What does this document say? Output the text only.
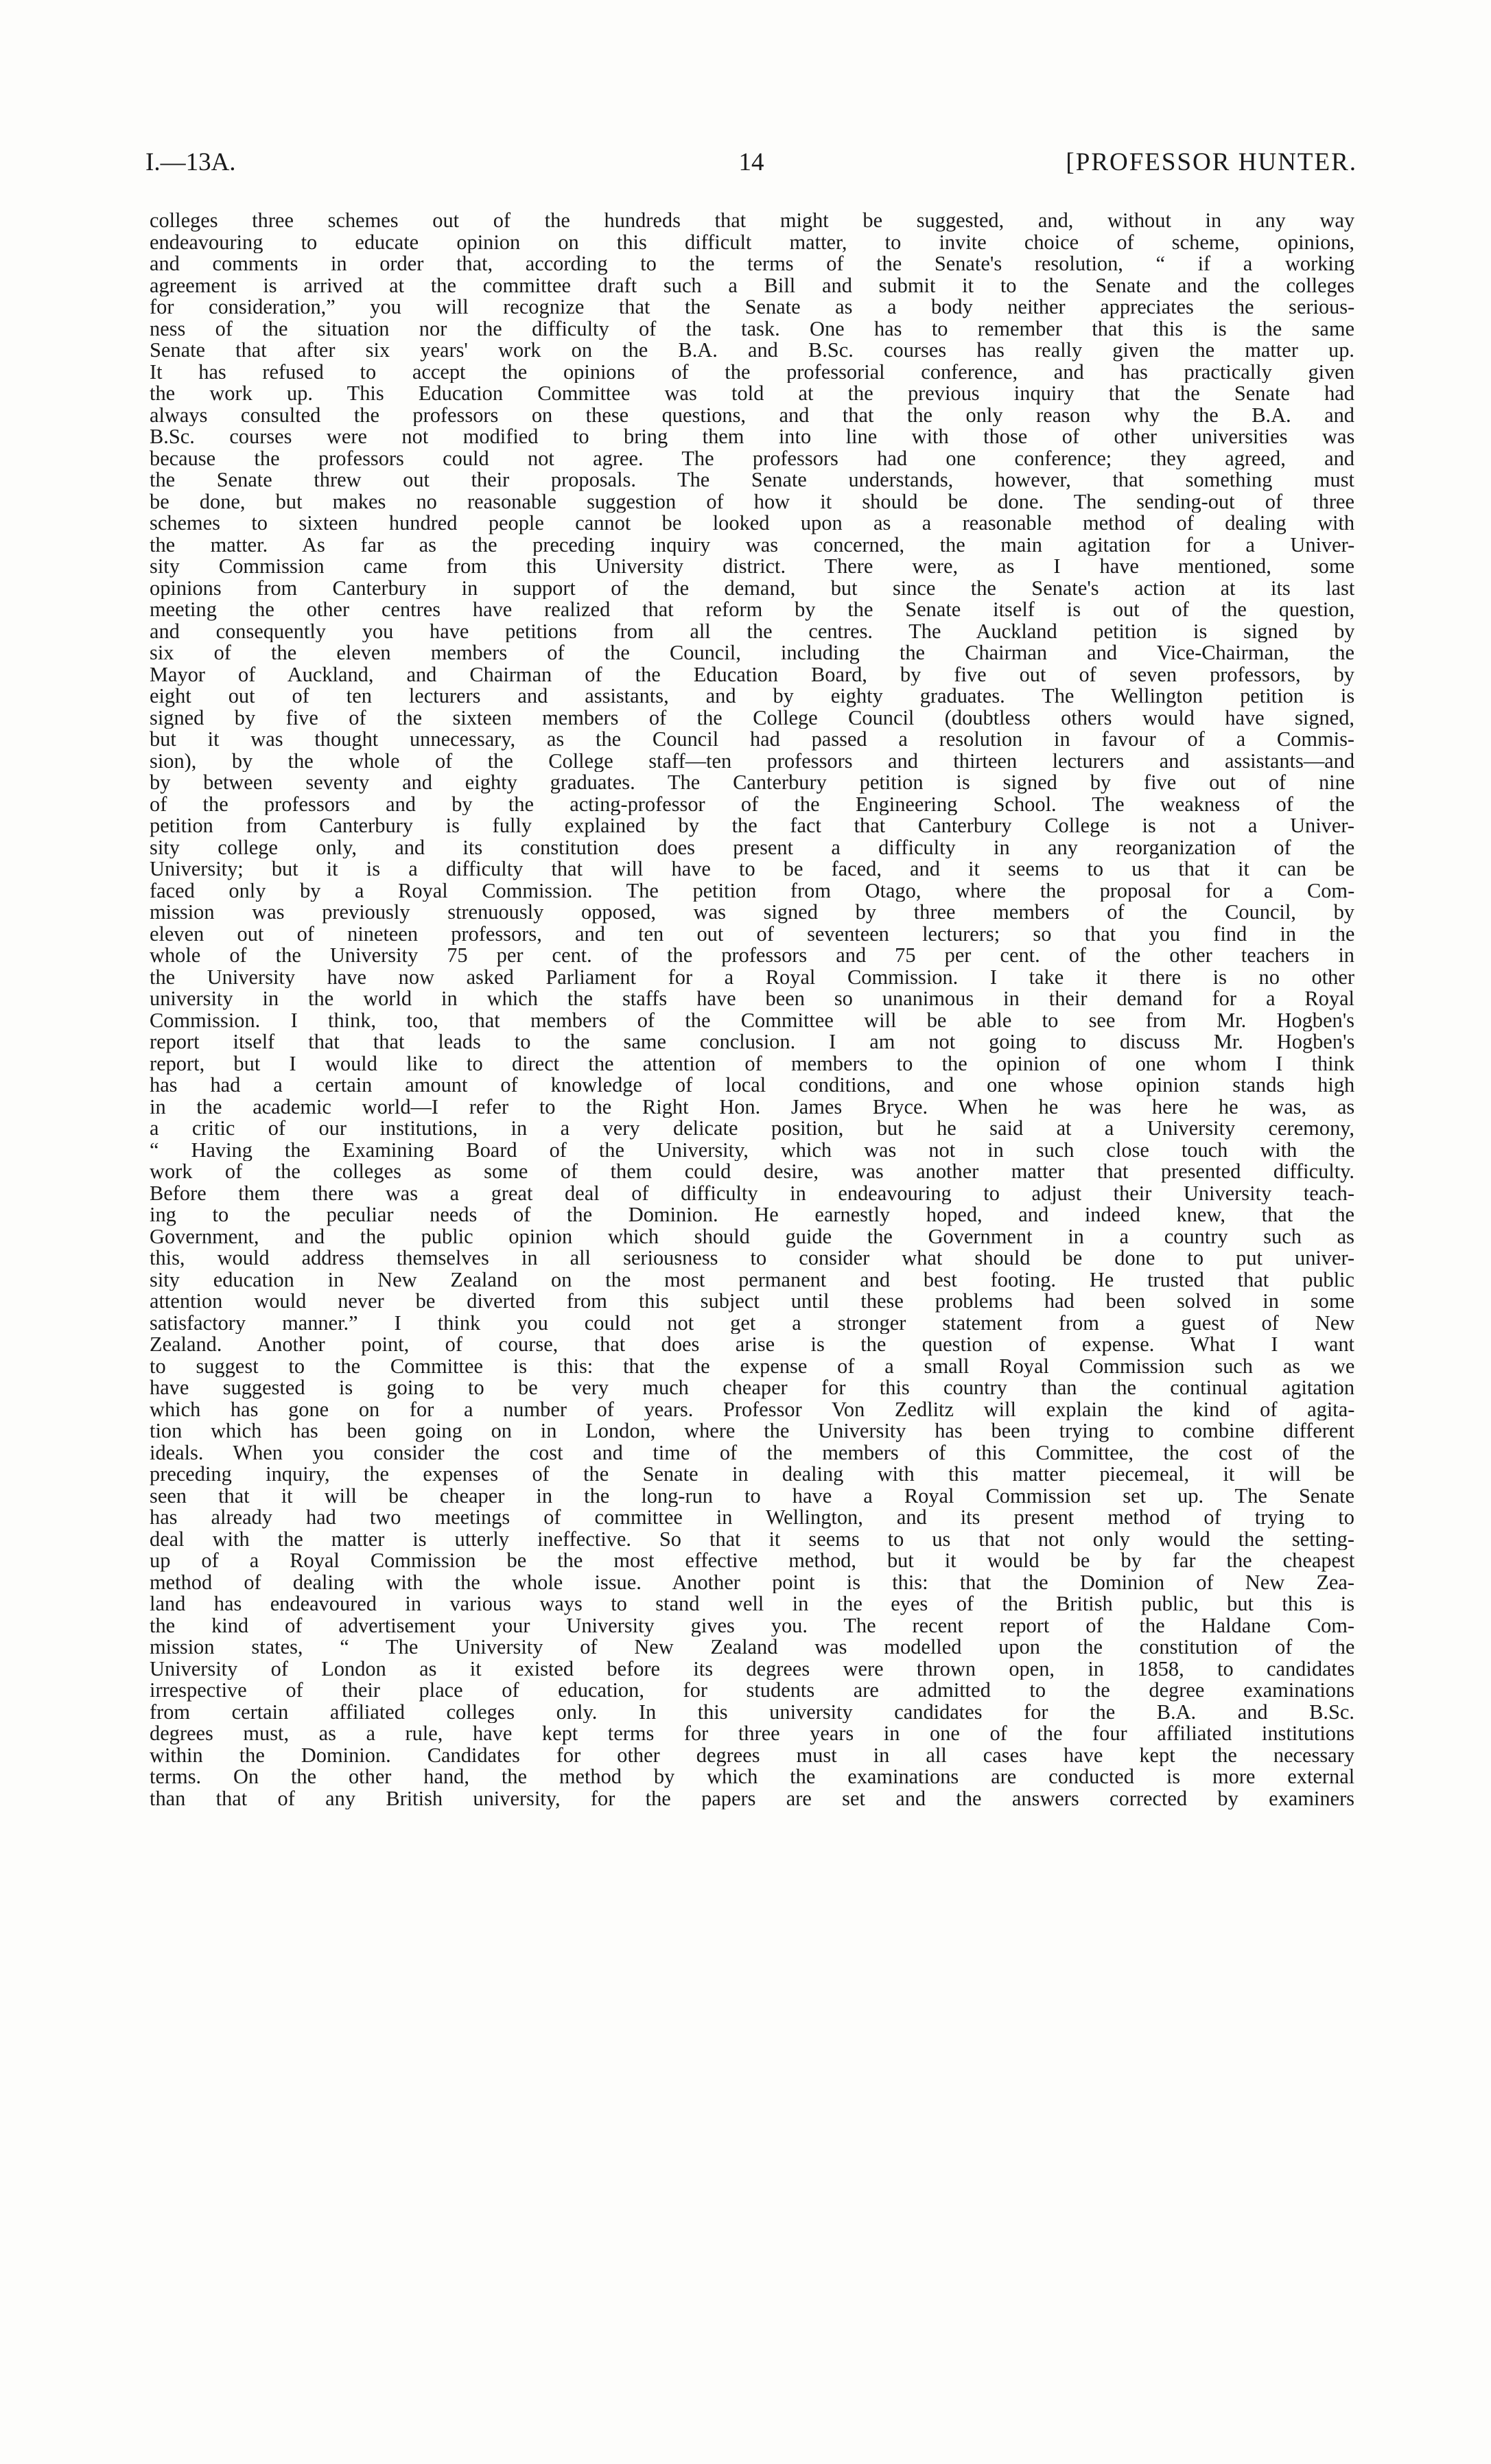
I.—13A.	14	[PROFESSOR HUNTER.
colleges three schemes out of the hundreds that might be suggested, and, without in any way
endeavouring to educate opinion on this difficult matter, to invite choice of scheme, opinions,
and comments in order that, according to the terms of the Senate's resolution, “ if a working
agreement is arrived at the committee draft such a Bill and submit it to the Senate and the colleges
for consideration,” you will recognize that the Senate as a body neither appreciates the serious-
ness of the situation nor the difficulty of the task. One has to remember that this is the same
Senate that after six years' work on the B.A. and B.Sc. courses has really given the matter up.
It has refused to accept the opinions of the professorial conference, and has practically given
the work up. This Education Committee was told at the previous inquiry that the Senate had
always consulted the professors on these questions, and that the only reason why the B.A. and
B.Sc. courses were not modified to bring them into line with those of other universities was
because the professors could not agree. The professors had one conference; they agreed, and
the Senate threw out their proposals. The Senate understands, however, that something must
be done, but makes no reasonable suggestion of how it should be done. The sending-out of three
schemes to sixteen hundred people cannot be looked upon as a reasonable method of dealing with
the matter. As far as the preceding inquiry was concerned, the main agitation for a Univer-
sity Commission came from this University district. There were, as I have mentioned, some
opinions from Canterbury in support of the demand, but since the Senate's action at its last
meeting the other centres have realized that reform by the Senate itself is out of the question,
and consequently you have petitions from all the centres. The Auckland petition is signed by
six of the eleven members of the Council, including the Chairman and Vice-Chairman, the
Mayor of Auckland, and Chairman of the Education Board, by five out of seven professors, by
eight out of ten lecturers and assistants, and by eighty graduates. The Wellington petition is
signed by five of the sixteen members of the College Council (doubtless others would have signed,
but it was thought unnecessary, as the Council had passed a resolution in favour of a Commis-
sion), by the whole of the College staff—ten professors and thirteen lecturers and assistants—and
by between seventy and eighty graduates. The Canterbury petition is signed by five out of nine
of the professors and by the acting-professor of the Engineering School. The weakness of the
petition from Canterbury is fully explained by the fact that Canterbury College is not a Univer-
sity college only, and its constitution does present a difficulty in any reorganization of the
University; but it is a difficulty that will have to be faced, and it seems to us that it can be
faced only by a Royal Commission. The petition from Otago, where the proposal for a Com-
mission was previously strenuously opposed, was signed by three members of the Council, by
eleven out of nineteen professors, and ten out of seventeen lecturers; so that you find in the
whole of the University 75 per cent. of the professors and 75 per cent. of the other teachers in
the University have now asked Parliament for a Royal Commission. I take it there is no other
university in the world in which the staffs have been so unanimous in their demand for a Royal
Commission. I think, too, that members of the Committee will be able to see from Mr. Hogben's
report itself that that leads to the same conclusion. I am not going to discuss Mr. Hogben's
report, but I would like to direct the attention of members to the opinion of one whom I think
has had a certain amount of knowledge of local conditions, and one whose opinion stands high
in the academic world—I refer to the Right Hon. James Bryce. When he was here he was, as
a critic of our institutions, in a very delicate position, but he said at a University ceremony,
“ Having the Examining Board of the University, which was not in such close touch with the
work of the colleges as some of them could desire, was another matter that presented difficulty.
Before them there was a great deal of difficulty in endeavouring to adjust their University teach-
ing to the peculiar needs of the Dominion. He earnestly hoped, and indeed knew, that the
Government, and the public opinion which should guide the Government in a country such as
this, would address themselves in all seriousness to consider what should be done to put univer-
sity education in New Zealand on the most permanent and best footing. He trusted that public
attention would never be diverted from this subject until these problems had been solved in some
satisfactory manner.” I think you could not get a stronger statement from a guest of New
Zealand. Another point, of course, that does arise is the question of expense. What I want
to suggest to the Committee is this: that the expense of a small Royal Commission such as we
have suggested is going to be very much cheaper for this country than the continual agitation
which has gone on for a number of years. Professor Von Zedlitz will explain the kind of agita-
tion which has been going on in London, where the University has been trying to combine different
ideals. When you consider the cost and time of the members of this Committee, the cost of the
preceding inquiry, the expenses of the Senate in dealing with this matter piecemeal, it will be
seen that it will be cheaper in the long-run to have a Royal Commission set up. The Senate
has already had two meetings of committee in Wellington, and its present method of trying to
deal with the matter is utterly ineffective. So that it seems to us that not only would the setting-
up of a Royal Commission be the most effective method, but it would be by far the cheapest
method of dealing with the whole issue. Another point is this: that the Dominion of New Zea-
land has endeavoured in various ways to stand well in the eyes of the British public, but this is
the kind of advertisement your University gives you. The recent report of the Haldane Com-
mission states, “ The University of New Zealand was modelled upon the constitution of the
University of London as it existed before its degrees were thrown open, in 1858, to candidates
irrespective of their place of education, for students are admitted to the degree examinations
from certain affiliated colleges only. In this university candidates for the B.A. and B.Sc.
degrees must, as a rule, have kept terms for three years in one of the four affiliated institutions
within the Dominion. Candidates for other degrees must in all cases have kept the necessary
terms. On the other hand, the method by which the examinations are conducted is more external
than that of any British university, for the papers are set and the answers corrected by examiners
